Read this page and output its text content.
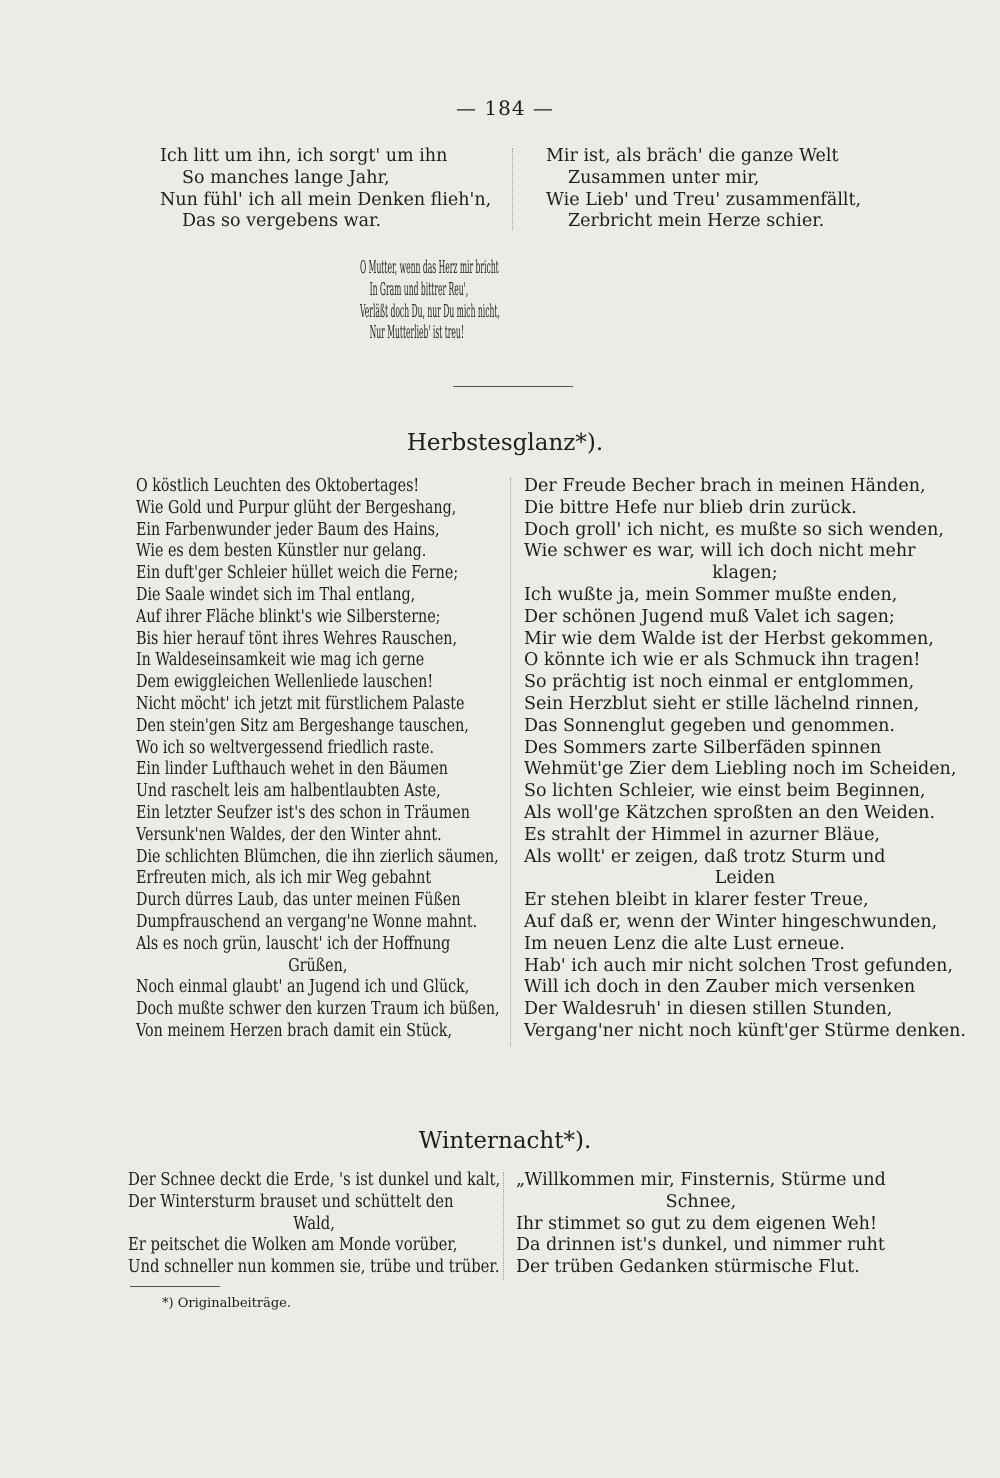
— 184 —
Ich litt um ihn, ich sorgt' um ihn
So manches lange Jahr,
Nun fühl' ich all mein Denken flieh'n,
Das so vergebens war.
Mir ist, als bräch' die ganze Welt
Zusammen unter mir,
Wie Lieb' und Treu' zusammenfällt,
Zerbricht mein Herze schier.
O Mutter, wenn das Herz mir bricht
In Gram und bittrer Reu',
Verläßt doch Du, nur Du mich nicht,
Nur Mutterlieb' ist treu!
Herbstesglanz*).
O köstlich Leuchten des Oktobertages!
Wie Gold und Purpur glüht der Bergeshang,
Ein Farbenwunder jeder Baum des Hains,
Wie es dem besten Künstler nur gelang.
Ein duft'ger Schleier hüllet weich die Ferne;
Die Saale windet sich im Thal entlang,
Auf ihrer Fläche blinkt's wie Silbersterne;
Bis hier herauf tönt ihres Wehres Rauschen,
In Waldeseinsamkeit wie mag ich gerne
Dem ewiggleichen Wellenliede lauschen!
Nicht möcht' ich jetzt mit fürstlichem Palaste
Den stein'gen Sitz am Bergeshange tauschen,
Wo ich so weltvergessend friedlich raste.
Ein linder Lufthauch wehet in den Bäumen
Und raschelt leis am halbentlaubten Aste,
Ein letzter Seufzer ist's des schon in Träumen
Versunk'nen Waldes, der den Winter ahnt.
Die schlichten Blümchen, die ihn zierlich säumen,
Erfreuten mich, als ich mir Weg gebahnt
Durch dürres Laub, das unter meinen Füßen
Dumpfrauschend an vergang'ne Wonne mahnt.
Als es noch grün, lauscht' ich der Hoffnung
Grüßen,
Noch einmal glaubt' an Jugend ich und Glück,
Doch mußte schwer den kurzen Traum ich büßen,
Von meinem Herzen brach damit ein Stück,
Der Freude Becher brach in meinen Händen,
Die bittre Hefe nur blieb drin zurück.
Doch groll' ich nicht, es mußte so sich wenden,
Wie schwer es war, will ich doch nicht mehr
klagen;
Ich wußte ja, mein Sommer mußte enden,
Der schönen Jugend muß Valet ich sagen;
Mir wie dem Walde ist der Herbst gekommen,
O könnte ich wie er als Schmuck ihn tragen!
So prächtig ist noch einmal er entglommen,
Sein Herzblut sieht er stille lächelnd rinnen,
Das Sonnenglut gegeben und genommen.
Des Sommers zarte Silberfäden spinnen
Wehmüt'ge Zier dem Liebling noch im Scheiden,
So lichten Schleier, wie einst beim Beginnen,
Als woll'ge Kätzchen sproßten an den Weiden.
Es strahlt der Himmel in azurner Bläue,
Als wollt' er zeigen, daß trotz Sturm und
Leiden
Er stehen bleibt in klarer fester Treue,
Auf daß er, wenn der Winter hingeschwunden,
Im neuen Lenz die alte Lust erneue.
Hab' ich auch mir nicht solchen Trost gefunden,
Will ich doch in den Zauber mich versenken
Der Waldesruh' in diesen stillen Stunden,
Vergang'ner nicht noch künft'ger Stürme denken.
Winternacht*).
Der Schnee deckt die Erde, 's ist dunkel und kalt,
Der Wintersturm brauset und schüttelt den
Wald,
Er peitschet die Wolken am Monde vorüber,
Und schneller nun kommen sie, trübe und trüber.
„Willkommen mir, Finsternis, Stürme und
Schnee,
Ihr stimmet so gut zu dem eigenen Weh!
Da drinnen ist's dunkel, und nimmer ruht
Der trüben Gedanken stürmische Flut.
*) Originalbeiträge.
